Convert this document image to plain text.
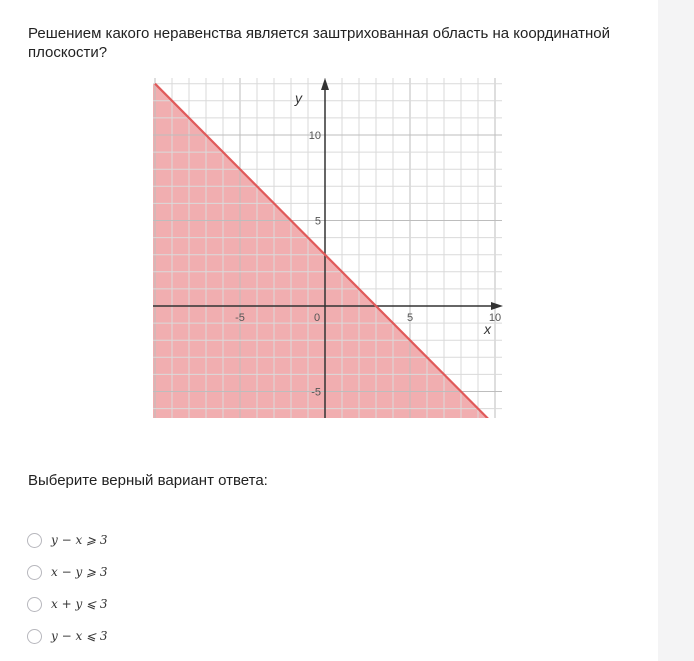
Решением какого неравенства является заштрихованная область на координатной плоскости?
-5	0	5	10
10
5
-5
x
y
Выберите верный вариант ответа:
y − x ⩾ 3
x − y ⩾ 3
x + y ⩽ 3
y − x ⩽ 3
